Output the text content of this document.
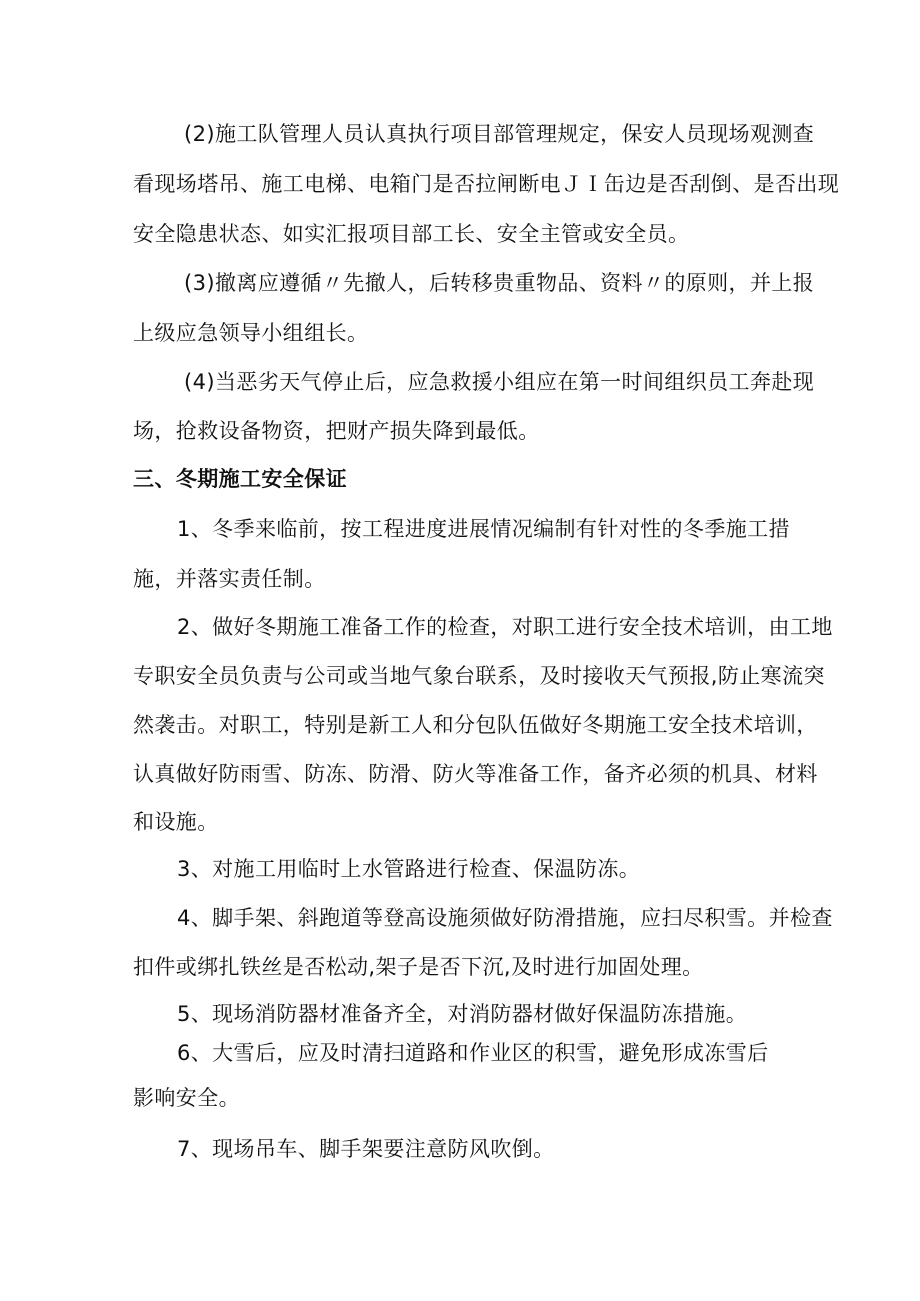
(2)施工队管理人员认真执行项目部管理规定，保安人员现场观测查
看现场塔吊、施工电梯、电箱门是否拉闸断电ＪＩ缶边是否刮倒、是否出现
安全隐患状态、如实汇报项目部工长、安全主管或安全员。
(3)撤离应遵循〃先撤人，后转移贵重物品、资料〃的原则，并上报
上级应急领导小组组长。
(4)当恶劣天气停止后，应急救援小组应在第一时间组织员工奔赴现
场，抢救设备物资，把财产损失降到最低。
三、冬期施工安全保证
1、冬季来临前，按工程进度进展情况编制有针对性的冬季施工措
施，并落实责任制。
2、做好冬期施工准备工作的检查，对职工进行安全技术培训，由工地
专职安全员负责与公司或当地气象台联系，及时接收天气预报,防止寒流突
然袭击。对职工，特别是新工人和分包队伍做好冬期施工安全技术培训，
认真做好防雨雪、防冻、防滑、防火等准备工作，备齐必须的机具、材料
和设施。
3、对施工用临时上水管路进行检查、保温防冻。
4、脚手架、斜跑道等登高设施须做好防滑措施，应扫尽积雪。并检查
扣件或绑扎铁丝是否松动,架子是否下沉,及时进行加固处理。
5、现场消防器材准备齐全，对消防器材做好保温防冻措施。
6、大雪后，应及时清扫道路和作业区的积雪，避免形成冻雪后
影响安全。
7、现场吊车、脚手架要注意防风吹倒。
